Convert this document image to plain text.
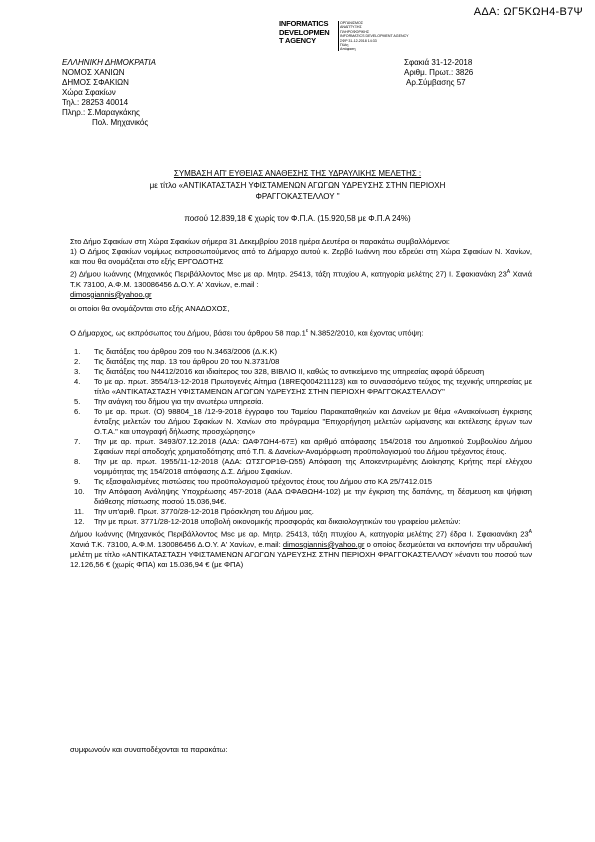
ΑΔΑ: ΩΓ5ΚΩΗ4-Β7Ψ
INFORMATICS
DEVELOPMEN
T AGENCY
ΟΡΓΑΝΙΣΜΟΣ
ΑΝΑΠΤΥΞΗΣ
ΠΛΗΡΟΦΟΡΙΚΗΣ
INFORMATICS DEVELOPMENT AGENCY
ΣΦΡ 31-12-2018 14:33
Πύλη
Απόφαση
ΕΛΛΗΝΙΚΗ ΔΗΜΟΚΡΑΤΙΑ
ΝΟΜΟΣ ΧΑΝΙΩΝ
ΔΗΜΟΣ ΣΦΑΚΙΩΝ
Χώρα Σφακίων
Τηλ.: 28253 40014
Πληρ.: Σ.Μαραγκάκης
Πολ. Μηχανικός
Σφακιά 31-12-2018
Αριθμ. Πρωτ.: 3826
Αρ.Σύμβασης 57
ΣΥΜΒΑΣΗ ΑΠ' ΕΥΘΕΙΑΣ ΑΝΑΘΕΣΗΣ ΤΗΣ ΥΔΡΑΥΛΙΚΗΣ ΜΕΛΕΤΗΣ :
με τίτλο «ΑΝΤΙΚΑΤΑΣΤΑΣΗ ΥΦΙΣΤΑΜΕΝΩΝ ΑΓΩΓΩΝ ΥΔΡΕΥΣΗΣ ΣΤΗΝ ΠΕΡΙΟΧΗ
ΦΡΑΓΓΟΚΑΣΤΕΛΛΟΥ "
ποσού 12.839,18 € χωρίς τον Φ.Π.Α. (15.920,58 με Φ.Π.Α 24%)

Στο Δήμο Σφακίων στη Χώρα Σφακίων σήμερα 31 Δεκεμβρίου 2018 ημέρα Δευτέρα οι παρακάτω συμβαλλόμενοι:

1) Ο Δήμος Σφακίων νομίμως εκπροσωπούμενος από το Δήμαρχο αυτού κ. Ζερβό Ιωάννη που εδρεύει στη Χώρα Σφακίων Ν. Χανίων, και που θα ονομάζεται στο εξής ΕΡΓΟΔΟΤΗΣ

2) Δήμου Ιωάννης (Μηχανικός Περιβάλλοντος Msc με αρ. Μητρ. 25413, τάξη πτυχίου Α, κατηγορία μελέτης 27) Ι. Σφακιανάκη $23^A$ Χανιά Τ.Κ 73100, Α.Φ.Μ. 130086456 Δ.Ο.Υ. Α' Χανίων, e.mail :
dimosgiannis@yahoo.gr

οι οποίοι θα ονομάζονται στο εξής ΑΝΑΔΟΧΟΣ,
Ο Δήμαρχος, ως εκπρόσωπος του Δήμου, βάσει του άρθρου 58 $\pi\alpha\rho.1^\varepsilon$ Ν.3852/2010, και έχοντας υπόψη:
1.	Τις διατάξεις του άρθρου 209 του Ν.3463/2006 (Δ.Κ.Κ)
2.	Τις διατάξεις της παρ. 13 του άρθρου 20 του Ν.3731/08
3.	Τις διατάξεις του Ν4412/2016 και ιδιαίτερος του 328, ΒΙΒΛΙΟ ΙΙ, καθώς το αντικείμενο της υπηρεσίας αφορά ύδρευση
4.	Το με αρ. πρωτ. 3554/13-12-2018 Πρωτογενές Αίτημα (18REQ004211123) και το συνασσόμενο τεύχος της τεχνικής υπηρεσίας με τίτλο «ΑΝΤΙΚΑΤΑΣΤΑΣΗ ΥΦΙΣΤΑΜΕΝΩΝ ΑΓΩΓΩΝ ΥΔΡΕΥΣΗΣ ΣΤΗΝ ΠΕΡΙΟΧΗ ΦΡΑΓΓΟΚΑΣΤΕΛΛΟΥ"
5.	Την ανάγκη του δήμου για την ανωτέρω υπηρεσία.
6.	Το με αρ. πρωτ. (Ο) 98804_18 /12-9-2018 έγγραφο του Ταμείου Παρακαταθηκών και Δανείων με θέμα «Ανακοίνωση έγκρισης ένταξης μελετών του Δήμου Σφακίων Ν. Χανίων στο πρόγραμμα "Επιχορήγηση μελετών ωρίμανσης και εκτέλεσης έργων των Ο.Τ.Α." και υπογραφή δήλωσης προσχώρησης»
7.	Την με αρ. πρωτ. 3493/07.12.2018 (ΑΔΑ: ΩΑΦ7ΩΗ4-67Ξ) και αριθμό απόφασης 154/2018 του Δημοτικού Συμβουλίου Δήμου Σφακίων περί αποδοχής χρηματοδότησης από Τ.Π. & Δανείων-Αναμόρφωση προϋπολογισμού του Δήμου τρέχοντος έτους.
8.	Την με αρ. πρωτ. 1955/11-12-2018 (ΑΔΑ: ΩΤΣΓΟΡ1Θ-Ω55) Απόφαση της Αποκεντρωμένης Διοίκησης Κρήτης περί ελέγχου νομιμότητας της 154/2018 απόφασης Δ.Σ. Δήμου Σφακίων.
9.	Τις εξασφαλισμένες πιστώσεις του προϋπολογισμού τρέχοντος έτους του Δήμου στο ΚΑ 25/7412.015
10.	Την Απόφαση Ανάληψης Υποχρέωσης 457-2018 (ΑΔΑ ΩΦΑΘΩΗ4-102) με την έγκριση της δαπάνης, τη δέσμευση και ψήφιση διάθεσης πίστωσης ποσού 15.036,94€.
11.	Την υπ'αριθ. Πρωτ. 3770/28-12-2018 Πρόσκληση του Δήμου μας.
12.	Την με πρωτ. 3771/28-12-2018 υποβολή οικονομικής προσφοράς και δικαιολογητικών του γραφείου μελετών:

Δήμου Ιωάννης (Μηχανικός Περιβάλλοντος Msc με αρ. Μητρ. 25413, τάξη πτυχίου Α, κατηγορία μελέτης 27) έδρα Ι. Σφακιανάκη $23^A$ Χανιά Τ.Κ. 73100, Α.Φ.Μ. 130086456 Δ.Ο.Υ. Α' Χανίων, e.mail: dimosgiannis@yahoo.gr ο οποίος δεσμεύεται να εκπονήσει την υδραυλική μελέτη με τίτλο «ΑΝΤΙΚΑΤΑΣΤΑΣΗ ΥΦΙΣΤΑΜΕΝΩΝ ΑΓΩΓΩΝ ΥΔΡΕΥΣΗΣ ΣΤΗΝ ΠΕΡΙΟΧΗ ΦΡΑΓΓΟΚΑΣΤΕΛΛΟΥ »έναντι του ποσού των 12.126,56 € (χωρίς ΦΠΑ) και 15.036,94 € (με ΦΠΑ)

συμφωνούν και συναποδέχονται τα παρακάτω:
